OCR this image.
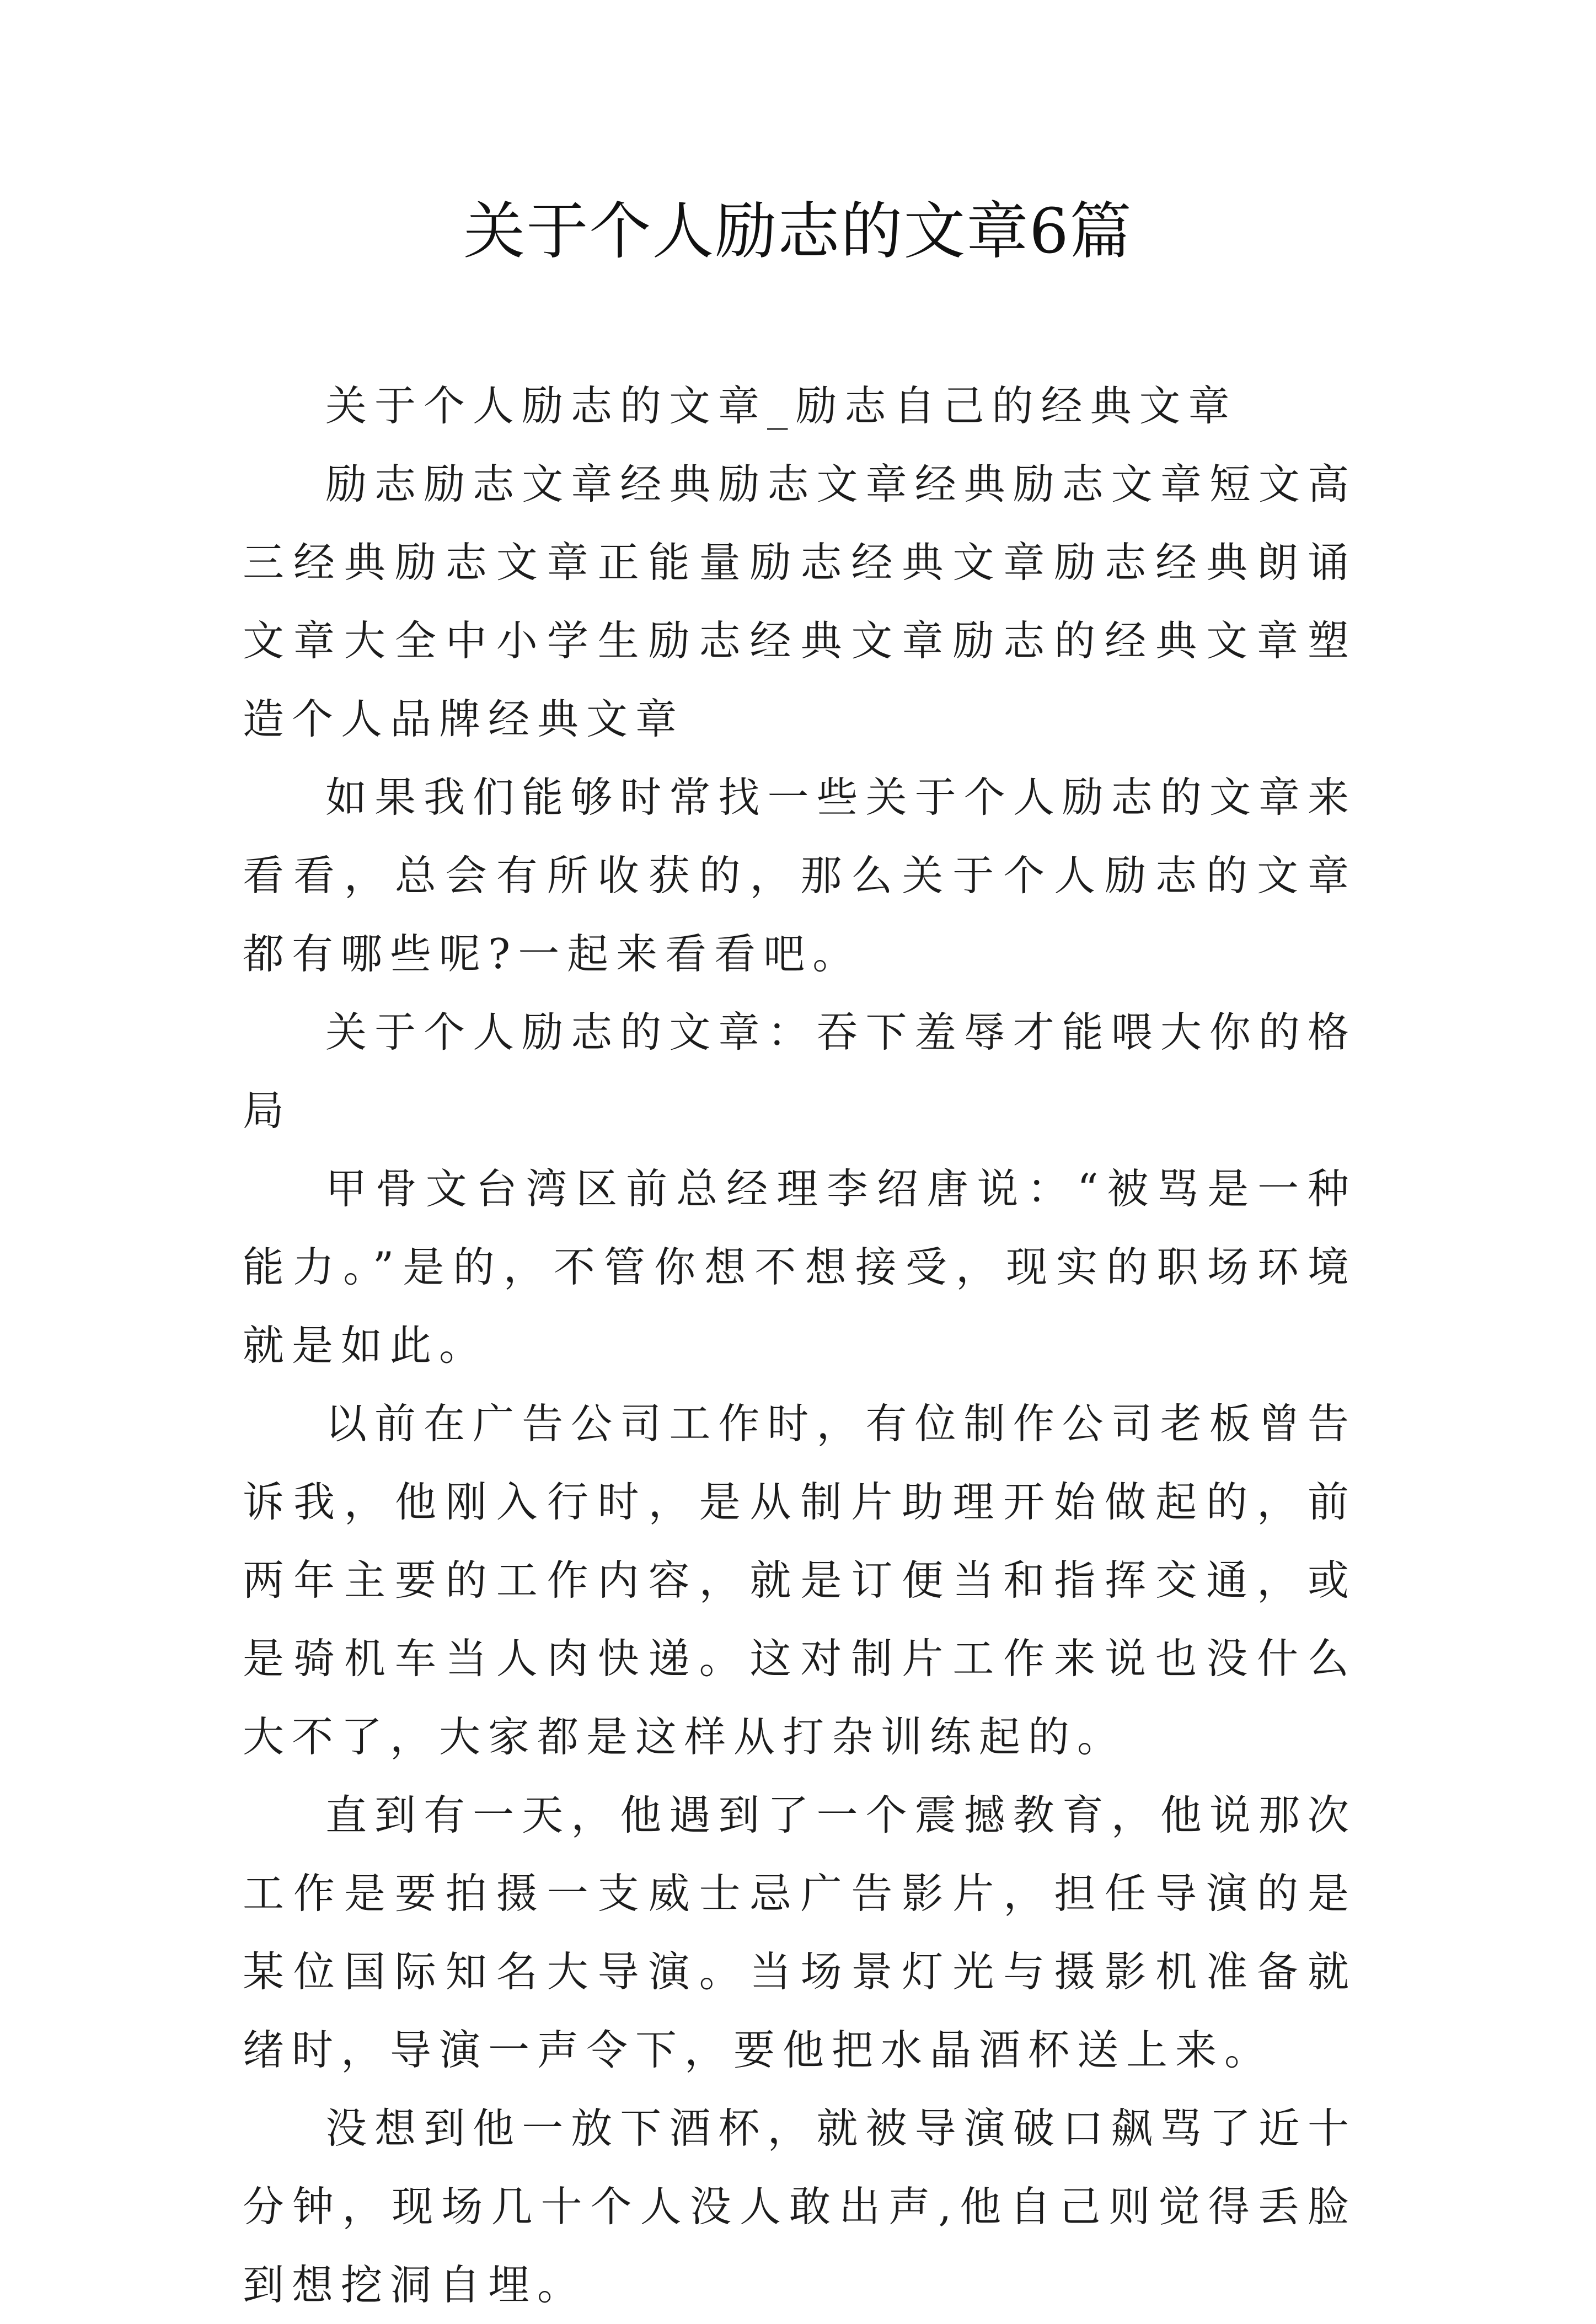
关于个人励志的文章6篇

关于个人励志的文章_励志自己的经典文章

励志励志文章经典励志文章经典励志文章短文高三经典励志文章正能量励志经典文章励志经典朗诵文章大全中小学生励志经典文章励志的经典文章塑造个人品牌经典文章

如果我们能够时常找一些关于个人励志的文章来看看，总会有所收获的，那么关于个人励志的文章都有哪些呢?一起来看看吧。

关于个人励志的文章：吞下羞辱才能喂大你的格局

甲骨文台湾区前总经理李绍唐说：“被骂是一种能力。”是的，不管你想不想接受，现实的职场环境就是如此。

以前在广告公司工作时，有位制作公司老板曾告诉我，他刚入行时，是从制片助理开始做起的，前两年主要的工作内容，就是订便当和指挥交通，或是骑机车当人肉快递。这对制片工作来说也没什么大不了，大家都是这样从打杂训练起的。

直到有一天，他遇到了一个震撼教育，他说那次工作是要拍摄一支威士忌广告影片，担任导演的是某位国际知名大导演。当场景灯光与摄影机准备就绪时，导演一声令下，要他把水晶酒杯送上来。

没想到他一放下酒杯，就被导演破口飙骂了近十分钟，现场几十个人没人敢出声,他自己则觉得丢脸到想挖洞自埋。
